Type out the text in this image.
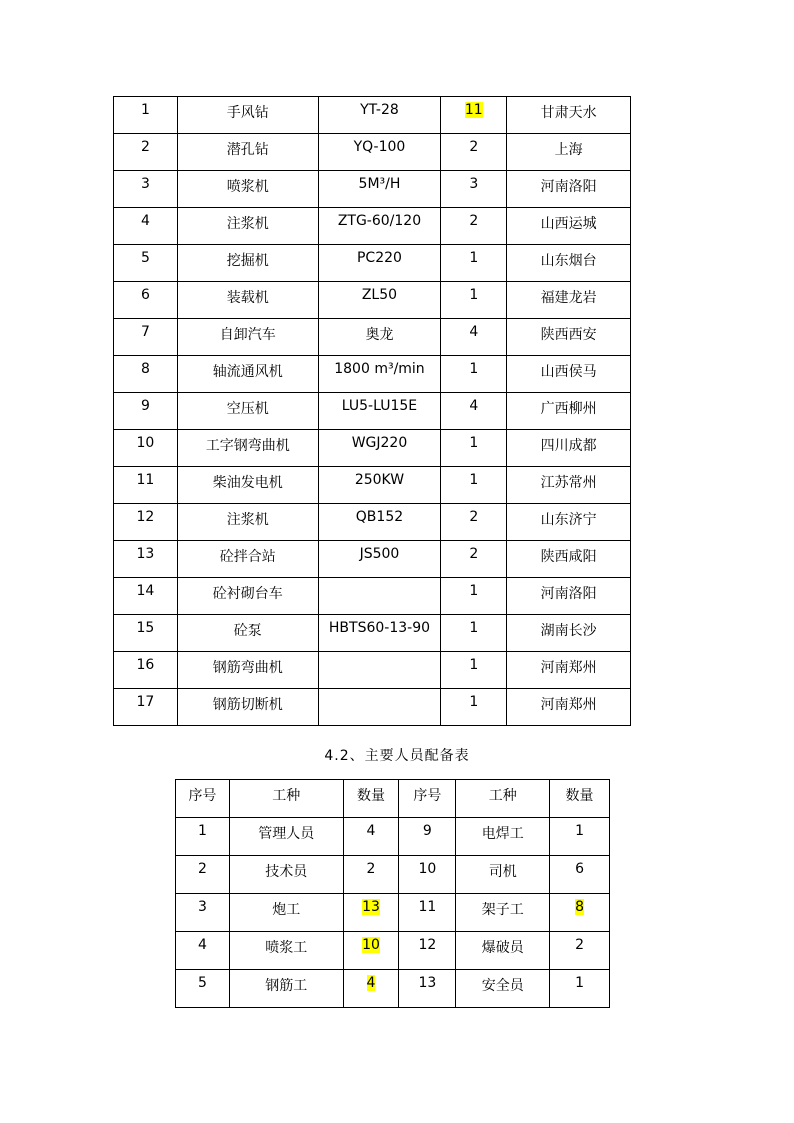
1	手风钻	YT-28	11	甘肃天水
2	潜孔钻	YQ-100	2	上海
3	喷浆机	5M³/H	3	河南洛阳
4	注浆机	ZTG-60/120	2	山西运城
5	挖掘机	PC220	1	山东烟台
6	装载机	ZL50	1	福建龙岩
7	自卸汽车	奥龙	4	陕西西安
8	轴流通风机	1800 m³/min	1	山西侯马
9	空压机	LU5-LU15E	4	广西柳州
10	工字钢弯曲机	WGJ220	1	四川成都
11	柴油发电机	250KW	1	江苏常州
12	注浆机	QB152	2	山东济宁
13	砼拌合站	JS500	2	陕西咸阳
14	砼衬砌台车		1	河南洛阳
15	砼泵	HBTS60-13-90	1	湖南长沙
16	钢筋弯曲机		1	河南郑州
17	钢筋切断机		1	河南郑州
4.2、主要人员配备表
序号	工种	数量	序号	工种	数量
1	管理人员	4	9	电焊工	1
2	技术员	2	10	司机	6
3	炮工	13	11	架子工	8
4	喷浆工	10	12	爆破员	2
5	钢筋工	4	13	安全员	1
